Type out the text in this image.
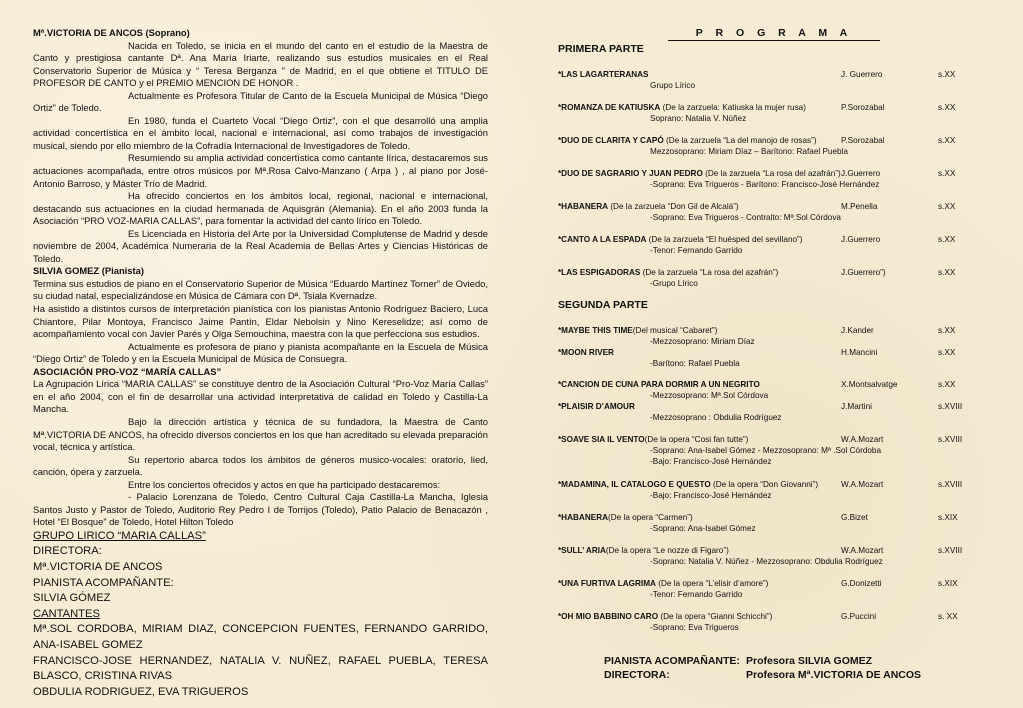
Mª.VICTORIA DE ANCOS (Soprano)

Nacida en Toledo, se inicia en el mundo del canto en el estudio de la Maestra de Canto y prestigiosa cantante Dª. Ana María Iriarte, realizando sus estudios musicales en el Real Conservatorio Superior de Música y “ Teresa Berganza ” de Madrid, en el que obtiene el TITULO DE PROFESOR DE CANTO y el PREMIO MENCION DE HONOR .

Actualmente es Profesora Titular de Canto de la Escuela Municipal de Música “Diego Ortiz” de Toledo.

En 1980, funda el Cuarteto Vocal “Diego Ortiz”, con el que desarrolló una amplia actividad concertística en el ámbito local, nacional e internacional, así como trabajos de investigación musical, siendo por ello miembro de la Cofradía Internacional de Investigadores de Toledo.

Resumiendo su amplia actividad concertística como cantante lírica, destacaremos sus actuaciones acompañada, entre otros músicos por Mª.Rosa Calvo-Manzano ( Arpa ) , al piano por José-Antonio Barroso, y Máster Trío de Madrid.

Ha ofrecido conciertos en los ámbitos local, regional, nacional e internacional, destacando sus actuaciones en la ciudad hermanada de Aquisgrán (Alemania). En el año 2003 funda la Asociación “PRO VOZ-MARIA CALLAS”, para fomentar la actividad del canto lírico en Toledo.

Es Licenciada en Historia del Arte por la Universidad Complutense de Madrid y desde noviembre de 2004, Académica Numeraria de la Real Academia de Bellas Artes y Ciencias Históricas de Toledo.

SILVIA GOMEZ (Pianista)

Termina sus estudios de piano en el Conservatorio Superior de Música “Eduardo Martínez Torner” de Oviedo, su ciudad natal, especializándose en Música de Cámara con Dª. Tsiala Kvernadze.

Ha asistido a distintos cursos de interpretación pianística con los pianistas Antonio Rodríguez Baciero, Luca Chiantore, Pilar Montoya, Francisco Jaime Pantín, Eldar Nebolsin y Nino Kereselidze; así como de acompañamiento vocal con Javier Parés y Olga Semouchina, maestra con la que perfecciona sus estudios.

Actualmente es profesora de piano y pianista acompañante en la Escuela de Música “Diego Ortiz” de Toledo y en la Escuela Municipal de Música de Consuegra.

ASOCIACIÓN PRO-VOZ “MARÍA CALLAS”

La Agrupación Lírica “MARIA CALLAS” se constituye dentro de la Asociación Cultural “Pro-Voz María Callas” en el año 2004, con el fin de desarrollar una actividad interpretativa de calidad en Toledo y Castilla-La Mancha.

Bajo la dirección artística y técnica de su fundadora, la Maestra de Canto Mª.VICTORIA DE ANCOS, ha ofrecido diversos conciertos en los que han acreditado su elevada preparación vocal, técnica y artística.

Su repertorio abarca todos los ámbitos de géneros musico-vocales: oratorio, lied, canción, ópera y zarzuela.

Entre los conciertos ofrecidos y actos en que ha participado destacaremos:

- Palacio Lorenzana de Toledo, Centro Cultural Caja Castilla-La Mancha, Iglesia Santos Justo y Pastor de Toledo, Auditorio Rey Pedro I de Torrijos (Toledo), Patio Palacio de Benacazón , Hotel “El Bosque” de Toledo, Hotel Hilton Toledo

GRUPO LIRICO “MARIA CALLAS”

DIRECTORA:

Mª.VICTORIA DE ANCOS

PIANISTA ACOMPAÑANTE:

SILVIA GÓMEZ

CANTANTES

Mª.SOL CORDOBA, MIRIAM DIAZ, CONCEPCION FUENTES, FERNANDO GARRIDO, ANA-ISABEL GOMEZ

FRANCISCO-JOSE HERNANDEZ, NATALIA V. NUÑEZ, RAFAEL PUEBLA, TERESA BLASCO, CRISTINA RIVAS

OBDULIA RODRIGUEZ, EVA TRIGUEROS

P R O G R A M A
PRIMERA PARTE
SEGUNDA PARTE
*LAS LAGARTERANAS	J. Guerrero	s.XX
Grupo Lírico
*ROMANZA DE KATIUSKA (De la zarzuela: Katiuska la mujer rusa)	P.Sorozabal	s.XX
Soprano: Natalia V. Núñez
*DUO DE CLARITA Y CAPÓ (De la zarzuela “La del manojo de rosas”)	P.Sorozabal	s.XX
Mezzosoprano: Miriam Díaz – Barítono: Rafael Puebla
*DUO DE SAGRARIO Y JUAN PEDRO (De la zarzuela “La rosa del azafrán”) J.Guerrero	s.XX
-Soprano: Eva Trigueros - Barítono: Francisco-José Hernández
*HABANERA (De la zarzuela “Don Gil de Alcalá”)	M.Penella	s.XX
-Soprano: Eva Trigueros - Contralto: Mª.Sol Córdova
*CANTO A LA ESPADA (De la zarzuela “El huésped del sevillano”)	J.Guerrero	s.XX
-Tenor: Fernando Garrido
*LAS ESPIGADORAS (De la zarzuela “La rosa del azafrán”)	J.Guerrero”)	s.XX
-Grupo Lírico
*MAYBE THIS TIME(Del musical “Cabaret”)	J.Kander	s.XX
-Mezzosoprano: Miriam Díaz
*MOON RIVER	H.Mancini	s.XX
-Barítono: Rafael Puebla
*CANCION DE CUNA PARA DORMIR A UN NEGRITO	X.Montsalvatge	s.XX
-Mezzosoprano: Mª.Sol Córdova
*PLAISIR D’AMOUR	J.Martini	s.XVIII
-Mezzosoprano : Obdulia Rodríguez
*SOAVE SIA IL VENTO(De la opera “Cosi fan tutte”)	W.A.Mozart	s.XVIII
-Soprano: Ana-Isabel Gómez - Mezzosoprano: Mª .Sol Córdoba
-Bajo: Francisco-José Hernández
*MADAMINA, IL CATALOGO E QUESTO (De la opera “Don Giovanni”)	W.A.Mozart	s.XVIII
-Bajo: Francisco-José Hernández
*HABANERA(De la opera “Carmen”)	G.Bizet	s.XIX
-Soprano: Ana-Isabel Gómez
*SULL’ ARIA(De la opera “Le nozze di Figaro”)	W.A.Mozart	s.XVIII
-Soprano: Natalia V. Núñez - Mezzosoprano: Obdulia Rodríguez
*UNA FURTIVA LAGRIMA (De la opera “L’elisir d’amore”)	G.Donizetti	s.XIX
-Tenor: Fernando Garrido
*OH MIO BABBINO CARO (De la opera “Gianni Schicchi”)	G.Puccini	s. XX
-Soprano: Eva Trigueros
PIANISTA ACOMPAÑANTE: Profesora SILVIA GOMEZ
DIRECTORA:	Profesora Mª.VICTORIA DE ANCOS
